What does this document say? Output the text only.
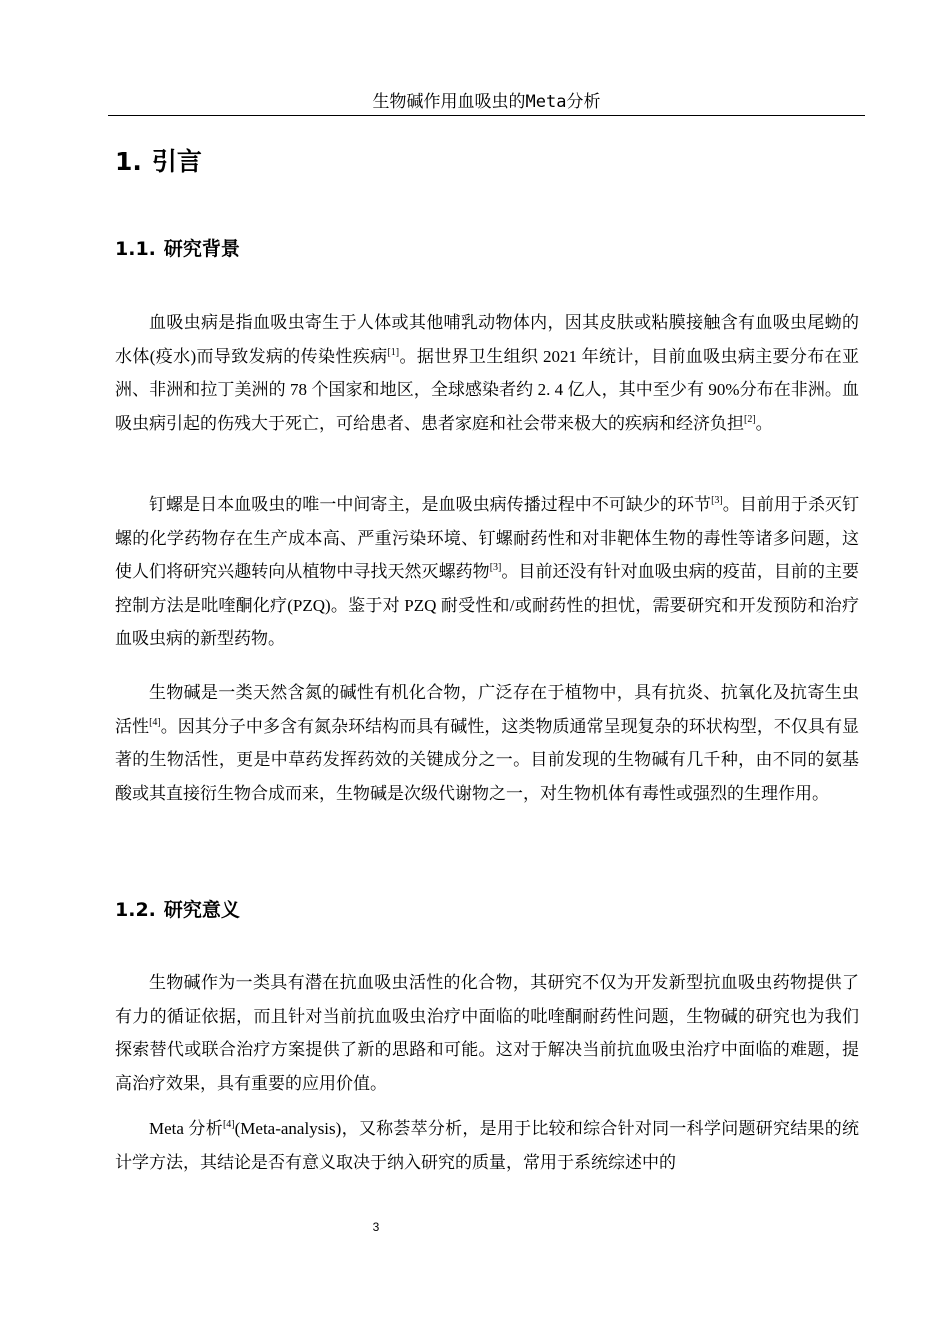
生物碱作用血吸虫的Meta分析
1. 引言
1.1. 研究背景

血吸虫病是指血吸虫寄生于人体或其他哺乳动物体内，因其皮肤或粘膜接触含有血吸虫尾蚴的水体(疫水)而导致发病的传染性疾病[1]。据世界卫生组织 2021 年统计，目前血吸虫病主要分布在亚洲、非洲和拉丁美洲的 78 个国家和地区，全球感染者约 2. 4 亿人，其中至少有 90%分布在非洲。血吸虫病引起的伤残大于死亡，可给患者、患者家庭和社会带来极大的疾病和经济负担[2]。

钉螺是日本血吸虫的唯一中间寄主，是血吸虫病传播过程中不可缺少的环节[3]。目前用于杀灭钉螺的化学药物存在生产成本高、严重污染环境、钉螺耐药性和对非靶体生物的毒性等诸多问题，这使人们将研究兴趣转向从植物中寻找天然灭螺药物[3]。目前还没有针对血吸虫病的疫苗，目前的主要控制方法是吡喹酮化疗(PZQ)。鉴于对 PZQ 耐受性和/或耐药性的担忧，需要研究和开发预防和治疗血吸虫病的新型药物。

生物碱是一类天然含氮的碱性有机化合物，广泛存在于植物中，具有抗炎、抗氧化及抗寄生虫活性[4]。因其分子中多含有氮杂环结构而具有碱性，这类物质通常呈现复杂的环状构型，不仅具有显著的生物活性，更是中草药发挥药效的关键成分之一。目前发现的生物碱有几千种，由不同的氨基酸或其直接衍生物合成而来，生物碱是次级代谢物之一，对生物机体有毒性或强烈的生理作用。

1.2. 研究意义

生物碱作为一类具有潜在抗血吸虫活性的化合物，其研究不仅为开发新型抗血吸虫药物提供了有力的循证依据，而且针对当前抗血吸虫治疗中面临的吡喹酮耐药性问题，生物碱的研究也为我们探索替代或联合治疗方案提供了新的思路和可能。这对于解决当前抗血吸虫治疗中面临的难题，提高治疗效果，具有重要的应用价值。

Meta 分析[4](Meta-analysis)，又称荟萃分析，是用于比较和综合针对同一科学问题研究结果的统计学方法，其结论是否有意义取决于纳入研究的质量，常用于系统综述中的

3
